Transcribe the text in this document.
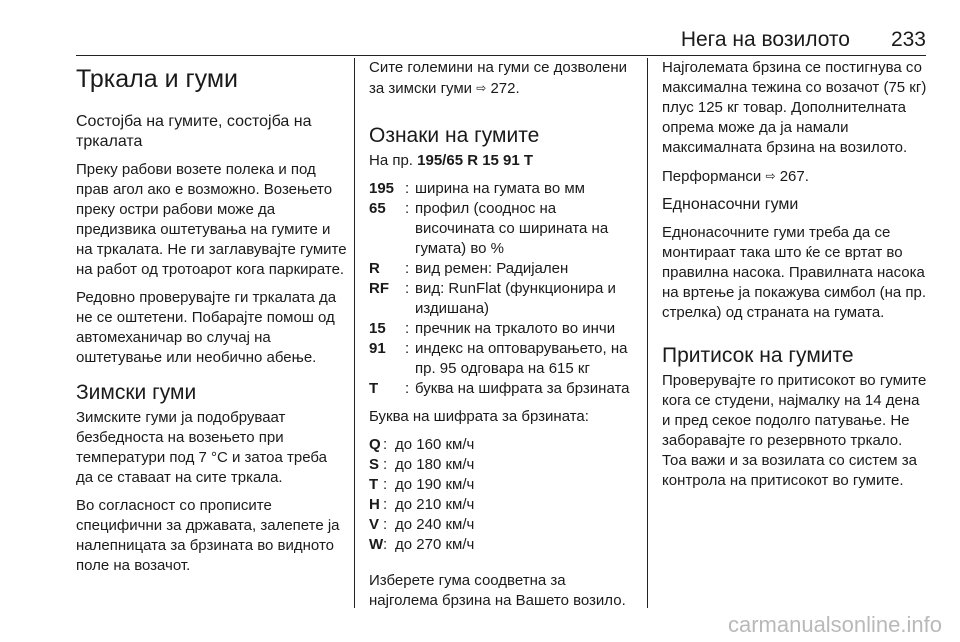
Нега на возилото 233
Тркала и гуми
Состојба на гумите, состојба на тркалата

Преку рабови возете полека и под прав агол ако е возможно. Возењето преку остри рабови може да предизвика оштетувања на гумите и на тркалата. Не ги заглавувајте гумите на работ од тротоарот кога паркирате.

Редовно проверувајте ги тркалата да не се оштетени. Побарајте помош од автомеханичар во случај на оштетување или необично абење.

Зимски гуми

Зимските гуми ја подобруваат безбедноста на возењето при температури под 7 °C и затоа треба да се ставаат на сите тркала.

Во согласност со прописите специфични за државата, залепете ја налепницата за брзината во видното поле на возачот.

Сите големини на гуми се дозволени за зимски гуми ⇨ 272.

Ознаки на гумите

На пр. 195/65 R 15 91 T

195 : ширина на гумата во мм
65	: профил (сооднос на височината со ширината на гумата) во %
R	: вид ремен: Радијален
RF	: вид: RunFlat (функционира и издишана)
15	: пречник на тркалото во инчи
91	: индекс на оптоварувањето, на пр. 95 одговара на 615 кг
T	: буква на шифрата за брзината

Буква на шифрата за брзината:

Q : до 160 км/ч
S : до 180 км/ч
T : до 190 км/ч
H : до 210 км/ч
V : до 240 км/ч
W : до 270 км/ч

Изберете гума соодветна за најголема брзина на Вашето возило.

Најголемата брзина се постигнува со максимална тежина со возачот (75 кг) плус 125 кг товар. Дополнителната опрема може да ја намали максималната брзина на возилото.

Перформанси ⇨ 267.

Еднонасочни гуми

Еднонасочните гуми треба да се монтираат така што ќе се вртат во правилна насока. Правилната насока на вртење ја покажува симбол (на пр. стрелка) од страната на гумата.

Притисок на гумите

Проверувајте го притисокот во гумите кога се студени, најмалку на 14 дена и пред секое подолго патување. Не заборавајте го резервното тркало. Тоа важи и за возилата со систем за контрола на притисокот во гумите.

carmanualsonline.info
